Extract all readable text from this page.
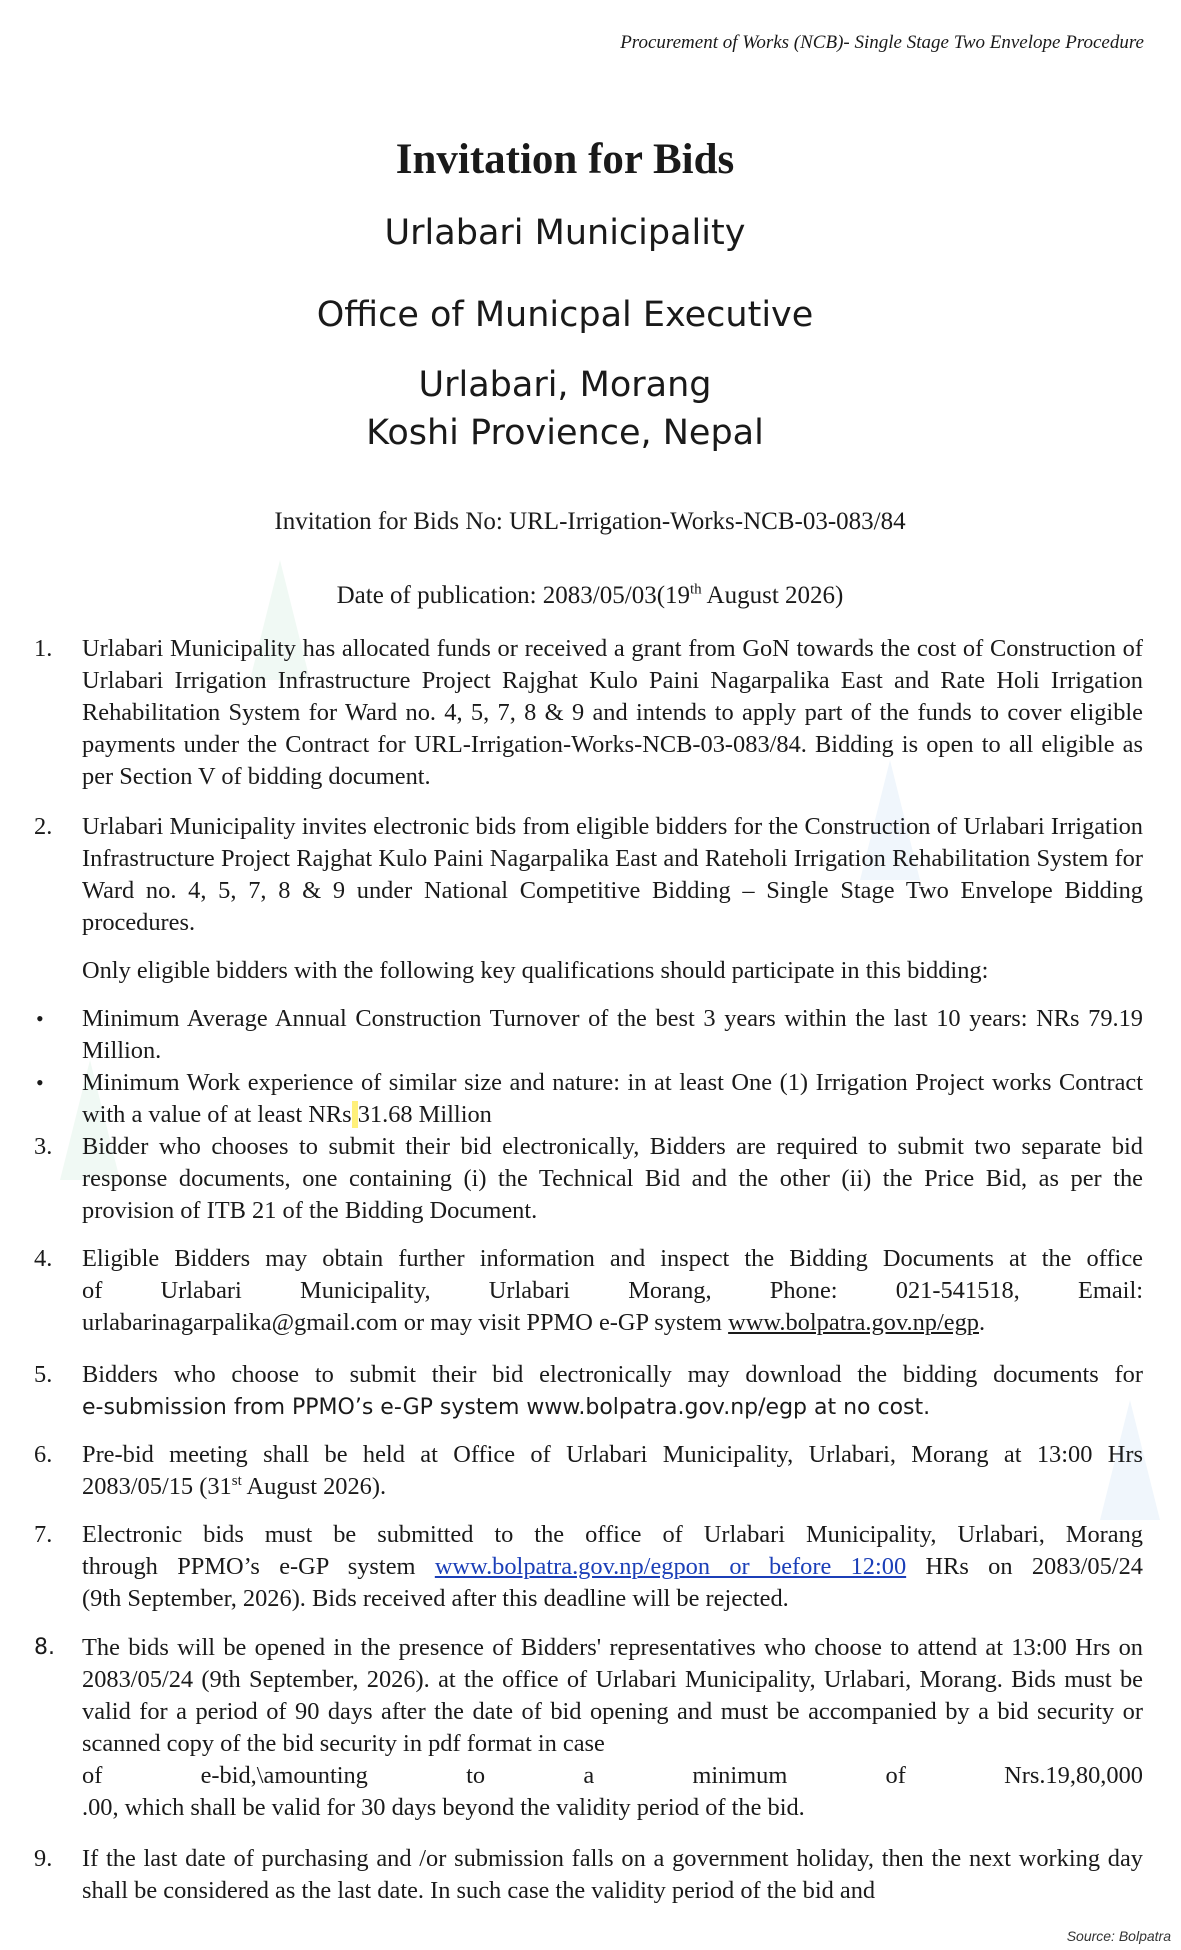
​
Procurement of Works (NCB)- Single Stage Two Envelope Procedure
Invitation for Bids
Urlabari Municipality
Office of Municpal Executive
Urlabari, Morang
Koshi Provience, Nepal
Invitation for Bids No: URL-Irrigation-Works-NCB-03-083/84
Date of publication: 2083/05/03(19th August 2026)
1. Urlabari Municipality has allocated funds or received a grant from GoN towards the cost of Construction of Urlabari Irrigation Infrastructure Project Rajghat Kulo Paini Nagarpalika East and Rate Holi Irrigation Rehabilitation System for Ward no. 4, 5, 7, 8 & 9 and intends to apply part of the funds to cover eligible payments under the Contract for URL-Irrigation-Works-NCB-03-083/84. Bidding is open to all eligible as per Section V of bidding document.
2. Urlabari Municipality invites electronic bids from eligible bidders for the Construction of Urlabari Irrigation Infrastructure Project Rajghat Kulo Paini Nagarpalika East and Rateholi Irrigation Rehabilitation System for Ward no. 4, 5, 7, 8 & 9 under National Competitive Bidding – Single Stage Two Envelope Bidding procedures.
Only eligible bidders with the following key qualifications should participate in this bidding:
• Minimum Average Annual Construction Turnover of the best 3 years within the last 10 years: NRs 79.19 Million.
• Minimum Work experience of similar size and nature: in at least One (1) Irrigation Project works Contract with a value of at least NRs 31.68 Million
3. Bidder who chooses to submit their bid electronically, Bidders are required to submit two separate bid response documents, one containing (i) the Technical Bid and the other (ii) the Price Bid, as per the provision of ITB 21 of the Bidding Document.
4. Eligible Bidders may obtain further information and inspect the Bidding Documents at the office
of Urlabari Municipality, Urlabari Morang, Phone: 021-541518, Email:
urlabarinagarpalika@gmail.com or may visit PPMO e-GP system www.bolpatra.gov.np/egp.
5. Bidders who choose to submit their bid electronically may download the bidding documents for
e-submission from PPMO’s e-GP system www.bolpatra.gov.np/egp at no cost.
6. Pre-bid meeting shall be held at Office of Urlabari Municipality, Urlabari, Morang at 13:00 Hrs
2083/05/15 (31st August 2026).
7. Electronic bids must be submitted to the office of Urlabari Municipality, Urlabari, Morang
through PPMO’s e-GP system www.bolpatra.gov.np/egpon or before 12:00 HRs on 2083/05/24
(9th September, 2026). Bids received after this deadline will be rejected.
8. The bids will be opened in the presence of Bidders' representatives who choose to attend at 13:00 Hrs on 2083/05/24 (9th September, 2026). at the office of Urlabari Municipality, Urlabari, Morang. Bids must be valid for a period of 90 days after the date of bid opening and must be accompanied by a bid security or scanned copy of the bid security in pdf format in case
of e-bid,\amounting to a minimum of Nrs.19,80,000
.00, which shall be valid for 30 days beyond the validity period of the bid.
9. If the last date of purchasing and /or submission falls on a government holiday, then the next working day shall be considered as the last date. In such case the validity period of the bid and
Source: Bolpatra
